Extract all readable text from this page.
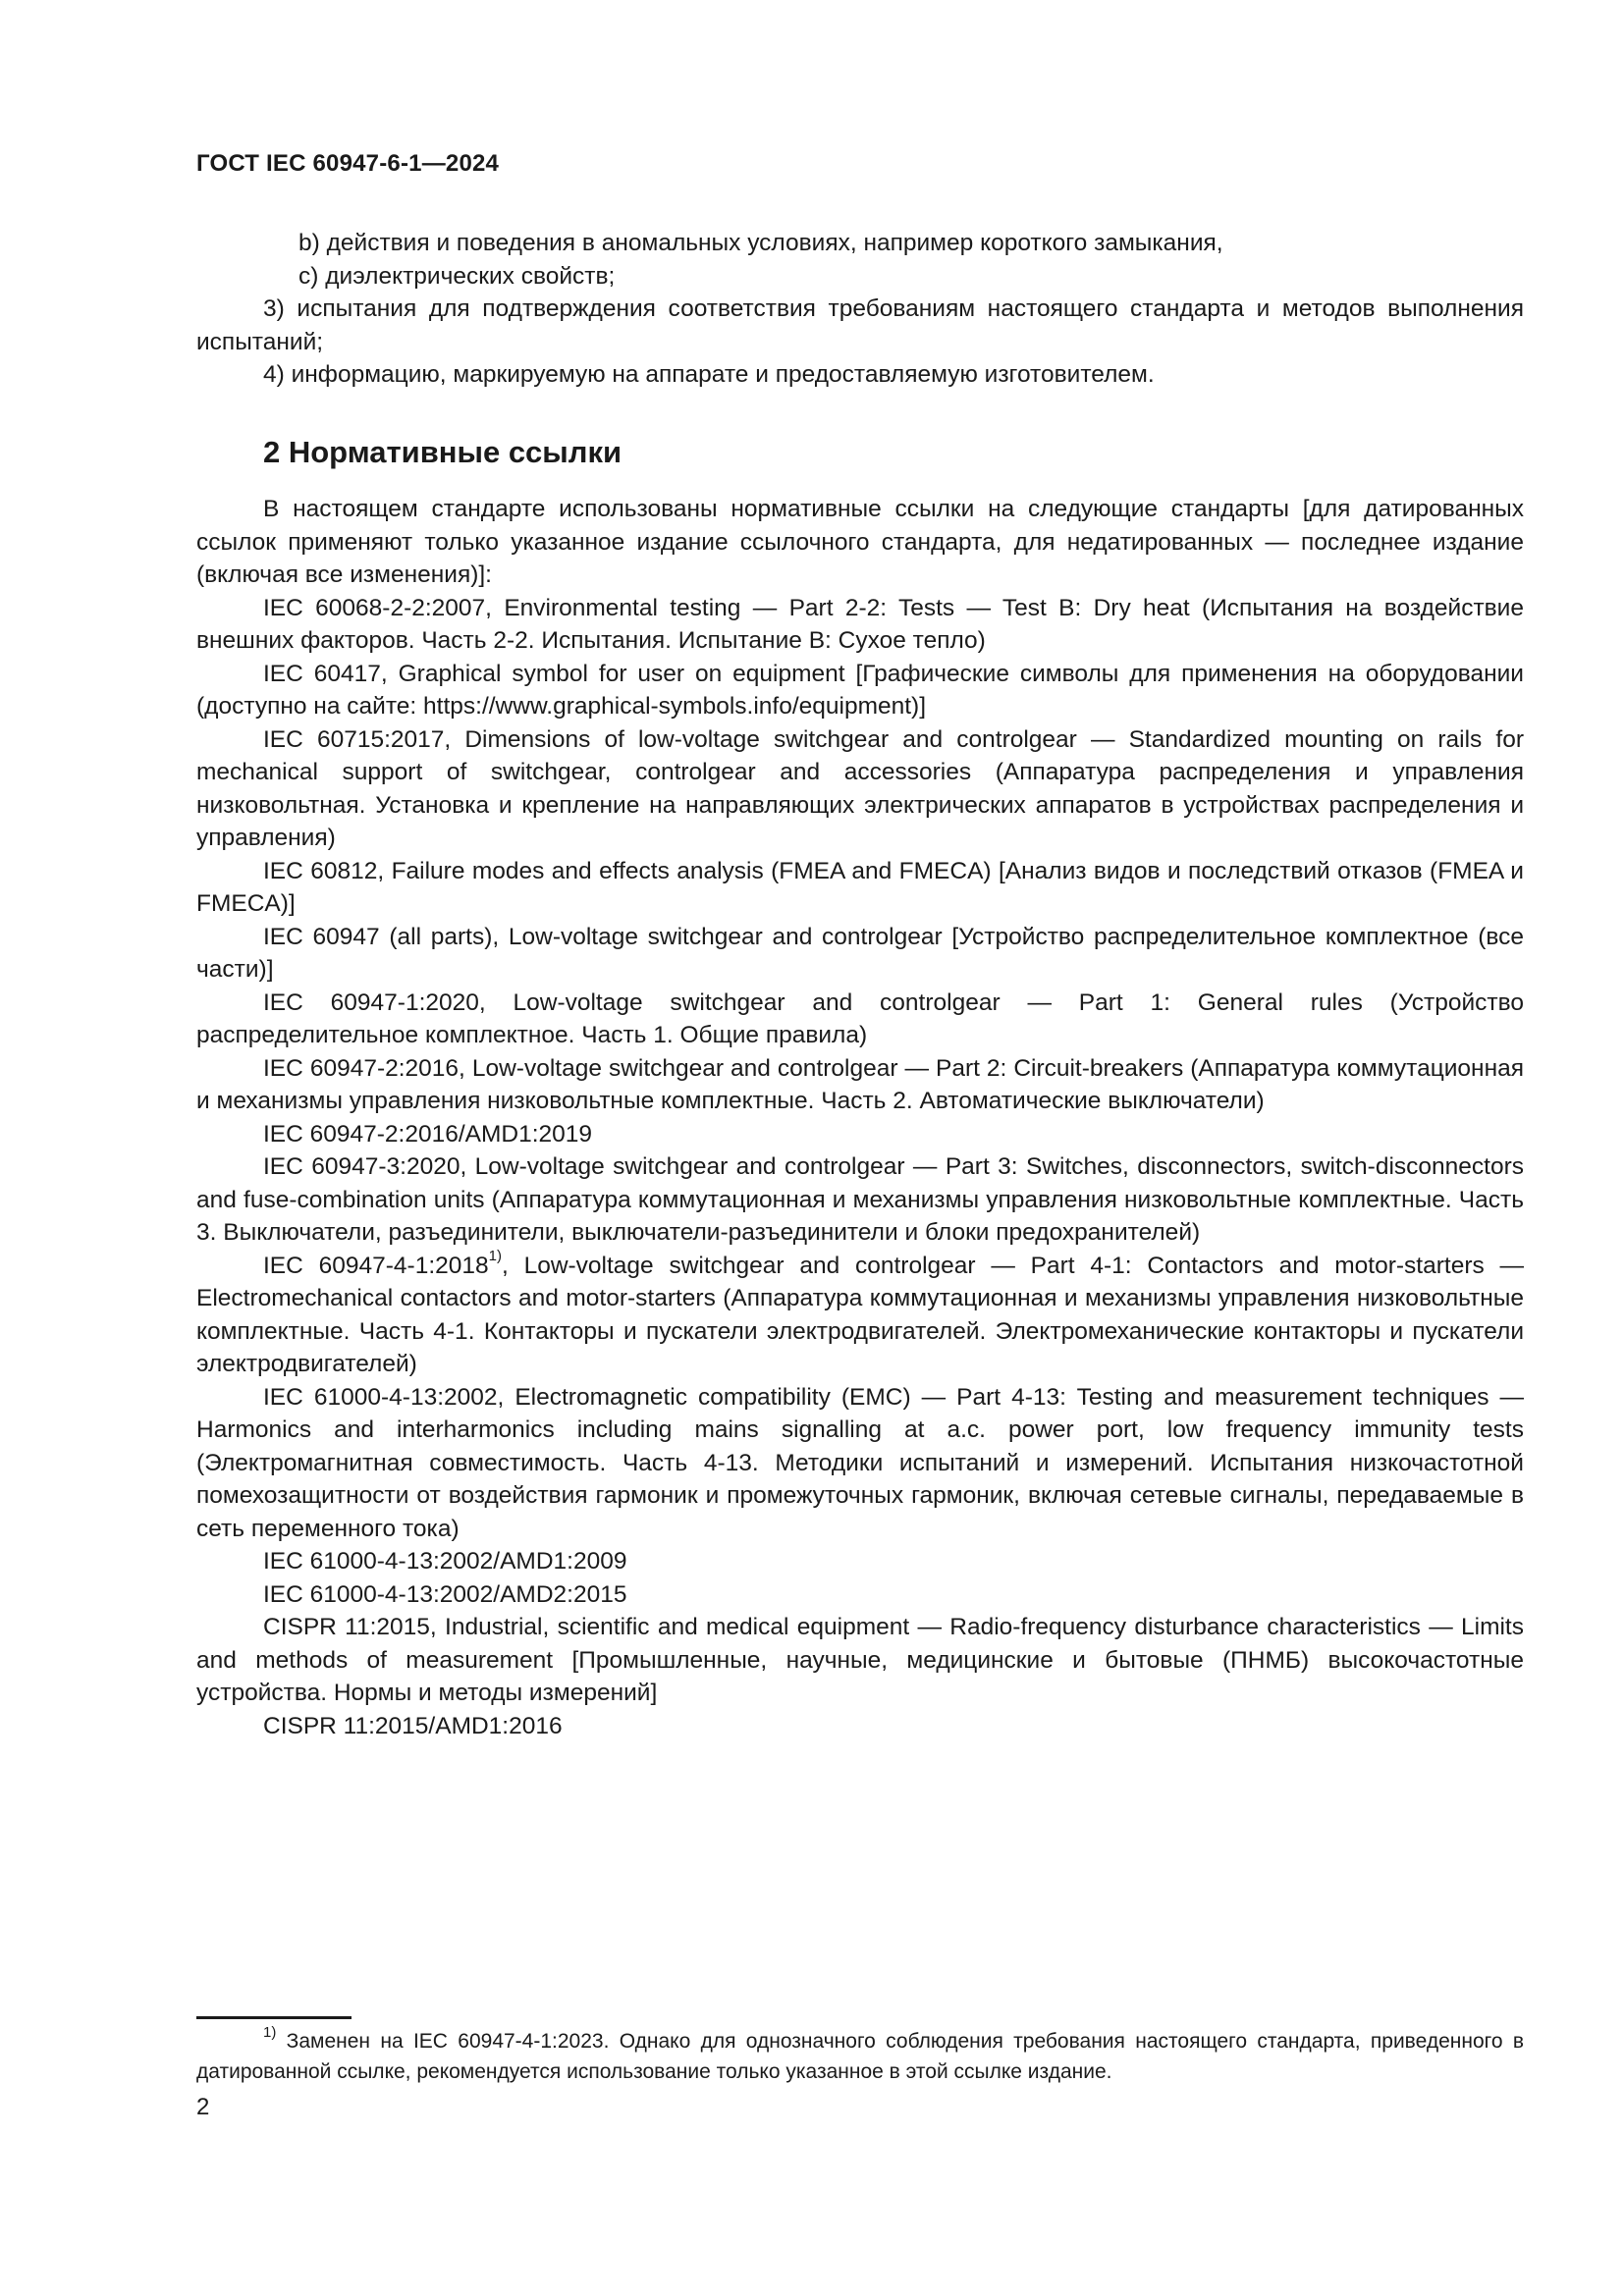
ГОСТ IEC 60947-6-1—2024

b) действия и поведения в аномальных условиях, например короткого замыкания,

c) диэлектрических свойств;

3) испытания для подтверждения соответствия требованиям настоящего стандарта и методов выполнения испытаний;

4) информацию, маркируемую на аппарате и предоставляемую изготовителем.

2 Нормативные ссылки

В настоящем стандарте использованы нормативные ссылки на следующие стандарты [для датированных ссылок применяют только указанное издание ссылочного стандарта, для недатированных — последнее издание (включая все изменения)]:

IEC 60068-2-2:2007, Environmental testing — Part 2-2: Tests — Test B: Dry heat (Испытания на воздействие внешних факторов. Часть 2-2. Испытания. Испытание B: Сухое тепло)

IEC 60417, Graphical symbol for user on equipment [Графические символы для применения на оборудовании (доступно на сайте: https://www.graphical-symbols.info/equipment)]

IEC 60715:2017, Dimensions of low-voltage switchgear and controlgear — Standardized mounting on rails for mechanical support of switchgear, controlgear and accessories (Аппаратура распределения и управления низковольтная. Установка и крепление на направляющих электрических аппаратов в устройствах распределения и управления)

IEC 60812, Failure modes and effects analysis (FMEA and FMECA) [Анализ видов и последствий отказов (FMEA и FMECA)]

IEC 60947 (all parts), Low-voltage switchgear and controlgear [Устройство распределительное комплектное (все части)]

IEC 60947-1:2020, Low-voltage switchgear and controlgear — Part 1: General rules (Устройство распределительное комплектное. Часть 1. Общие правила)

IEC 60947-2:2016, Low-voltage switchgear and controlgear — Part 2: Circuit-breakers (Аппаратура коммутационная и механизмы управления низковольтные комплектные. Часть 2. Автоматические выключатели)

IEC 60947-2:2016/AMD1:2019

IEC 60947-3:2020, Low-voltage switchgear and controlgear — Part 3: Switches, disconnectors, switch-disconnectors and fuse-combination units (Аппаратура коммутационная и механизмы управления низковольтные комплектные. Часть 3. Выключатели, разъединители, выключатели-разъединители и блоки предохранителей)

IEC 60947-4-1:2018$^{1)}$, Low-voltage switchgear and controlgear — Part 4-1: Contactors and motor-starters — Electromechanical contactors and motor-starters (Аппаратура коммутационная и механизмы управления низковольтные комплектные. Часть 4-1. Контакторы и пускатели электродвигателей. Электромеханические контакторы и пускатели электродвигателей)

IEC 61000-4-13:2002, Electromagnetic compatibility (EMC) — Part 4-13: Testing and measurement techniques — Harmonics and interharmonics including mains signalling at a.c. power port, low frequency immunity tests (Электромагнитная совместимость. Часть 4-13. Методики испытаний и измерений. Испытания низкочастотной помехозащитности от воздействия гармоник и промежуточных гармоник, включая сетевые сигналы, передаваемые в сеть переменного тока)

IEC 61000-4-13:2002/AMD1:2009

IEC 61000-4-13:2002/AMD2:2015

CISPR 11:2015, Industrial, scientific and medical equipment — Radio-frequency disturbance characteristics — Limits and methods of measurement [Промышленные, научные, медицинские и бытовые (ПНМБ) высокочастотные устройства. Нормы и методы измерений]

CISPR 11:2015/AMD1:2016

$^{1)}$ Заменен на IEC 60947-4-1:2023. Однако для однозначного соблюдения требования настоящего стандарта, приведенного в датированной ссылке, рекомендуется использование только указанное в этой ссылке издание.
2
